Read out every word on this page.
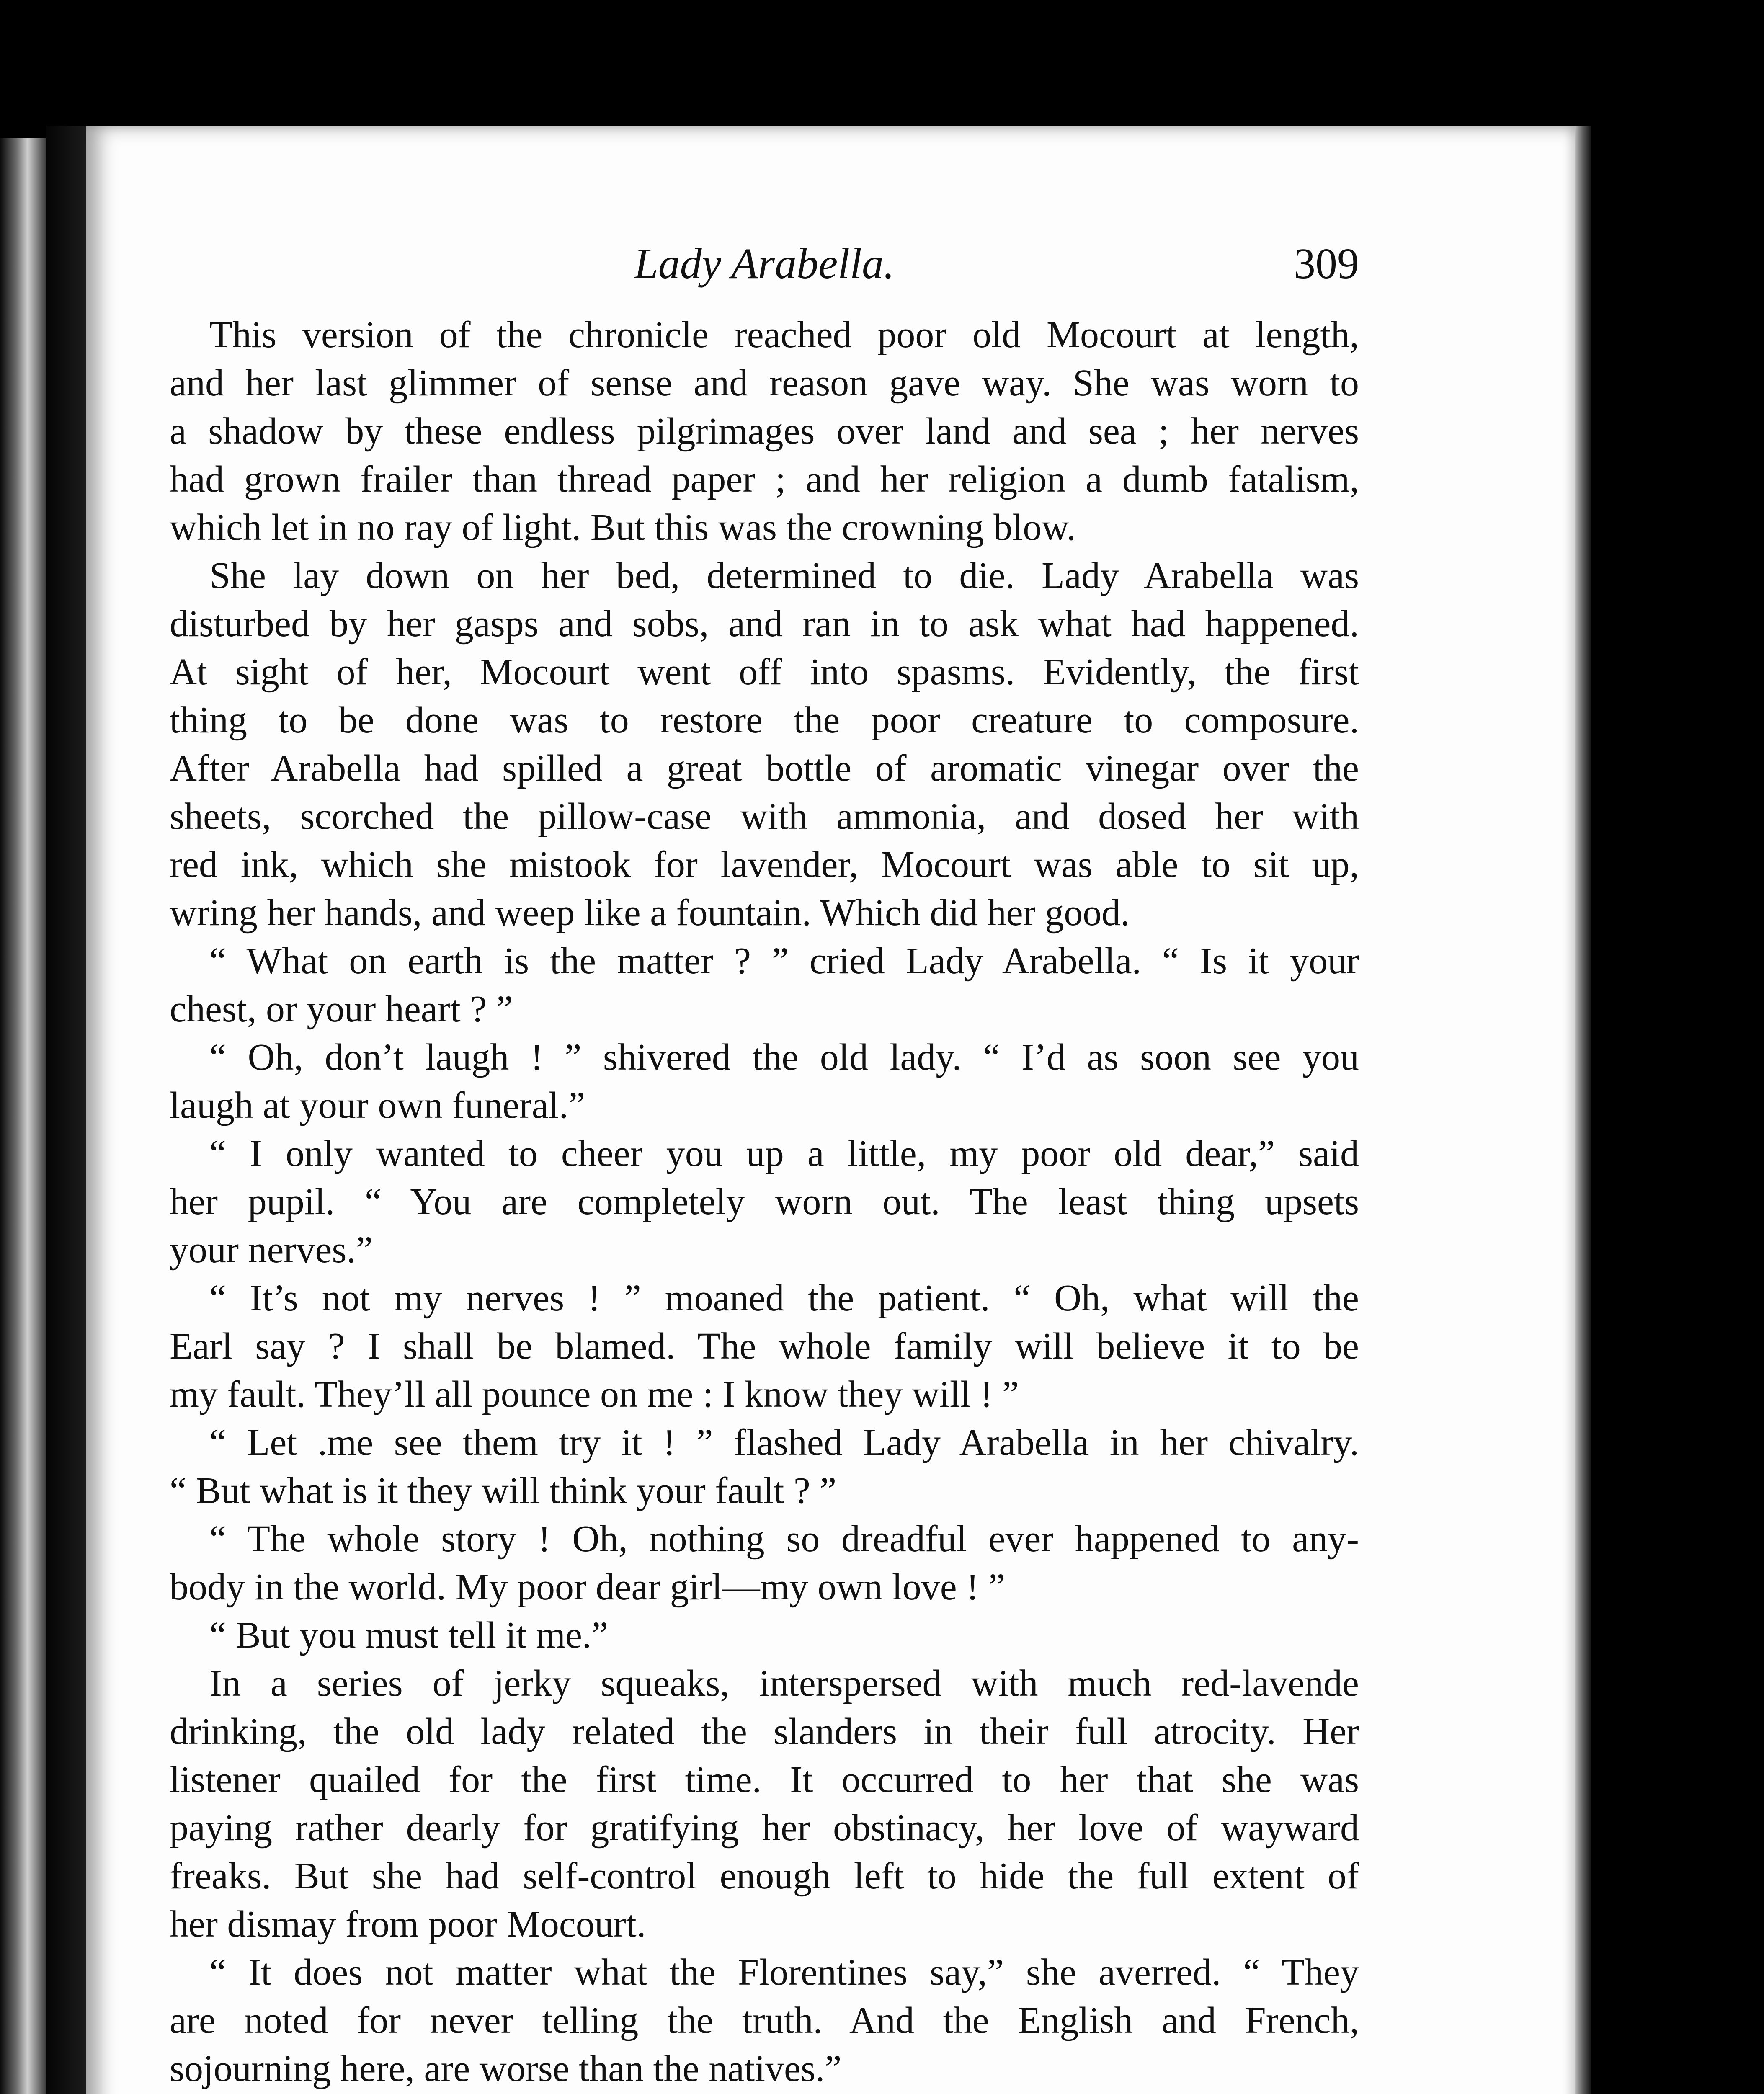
Lady Arabella.	309
This version of the chronicle reached poor old Mocourt at length,
and her last glimmer of sense and reason gave way. She was worn to
a shadow by these endless pilgrimages over land and sea ; her nerves
had grown frailer than thread paper ; and her religion a dumb fatalism,
which let in no ray of light. But this was the crowning blow.
She lay down on her bed, determined to die. Lady Arabella was
disturbed by her gasps and sobs, and ran in to ask what had happened.
At sight of her, Mocourt went off into spasms. Evidently, the first
thing to be done was to restore the poor creature to composure.
After Arabella had spilled a great bottle of aromatic vinegar over the
sheets, scorched the pillow-case with ammonia, and dosed her with
red ink, which she mistook for lavender, Mocourt was able to sit up,
wring her hands, and weep like a fountain. Which did her good.
“ What on earth is the matter ? ” cried Lady Arabella. “ Is it your
chest, or your heart ? ”
“ Oh, don’t laugh ! ” shivered the old lady. “ I’d as soon see you
laugh at your own funeral.”
“ I only wanted to cheer you up a little, my poor old dear,” said
her pupil. “ You are completely worn out. The least thing upsets
your nerves.”
“ It’s not my nerves ! ” moaned the patient. “ Oh, what will the
Earl say ? I shall be blamed. The whole family will believe it to be
my fault. They’ll all pounce on me : I know they will ! ”
“ Let .me see them try it ! ” flashed Lady Arabella in her chivalry.
“ But what is it they will think your fault ? ”
“ The whole story ! Oh, nothing so dreadful ever happened to any-
body in the world. My poor dear girl—my own love ! ”
“ But you must tell it me.”
In a series of jerky squeaks, interspersed with much red-lavende
drinking, the old lady related the slanders in their full atrocity. Her
listener quailed for the first time. It occurred to her that she was
paying rather dearly for gratifying her obstinacy, her love of wayward
freaks. But she had self-control enough left to hide the full extent of
her dismay from poor Mocourt.
“ It does not matter what the Florentines say,” she averred. “ They
are noted for never telling the truth. And the English and French,
sojourning here, are worse than the natives.”
